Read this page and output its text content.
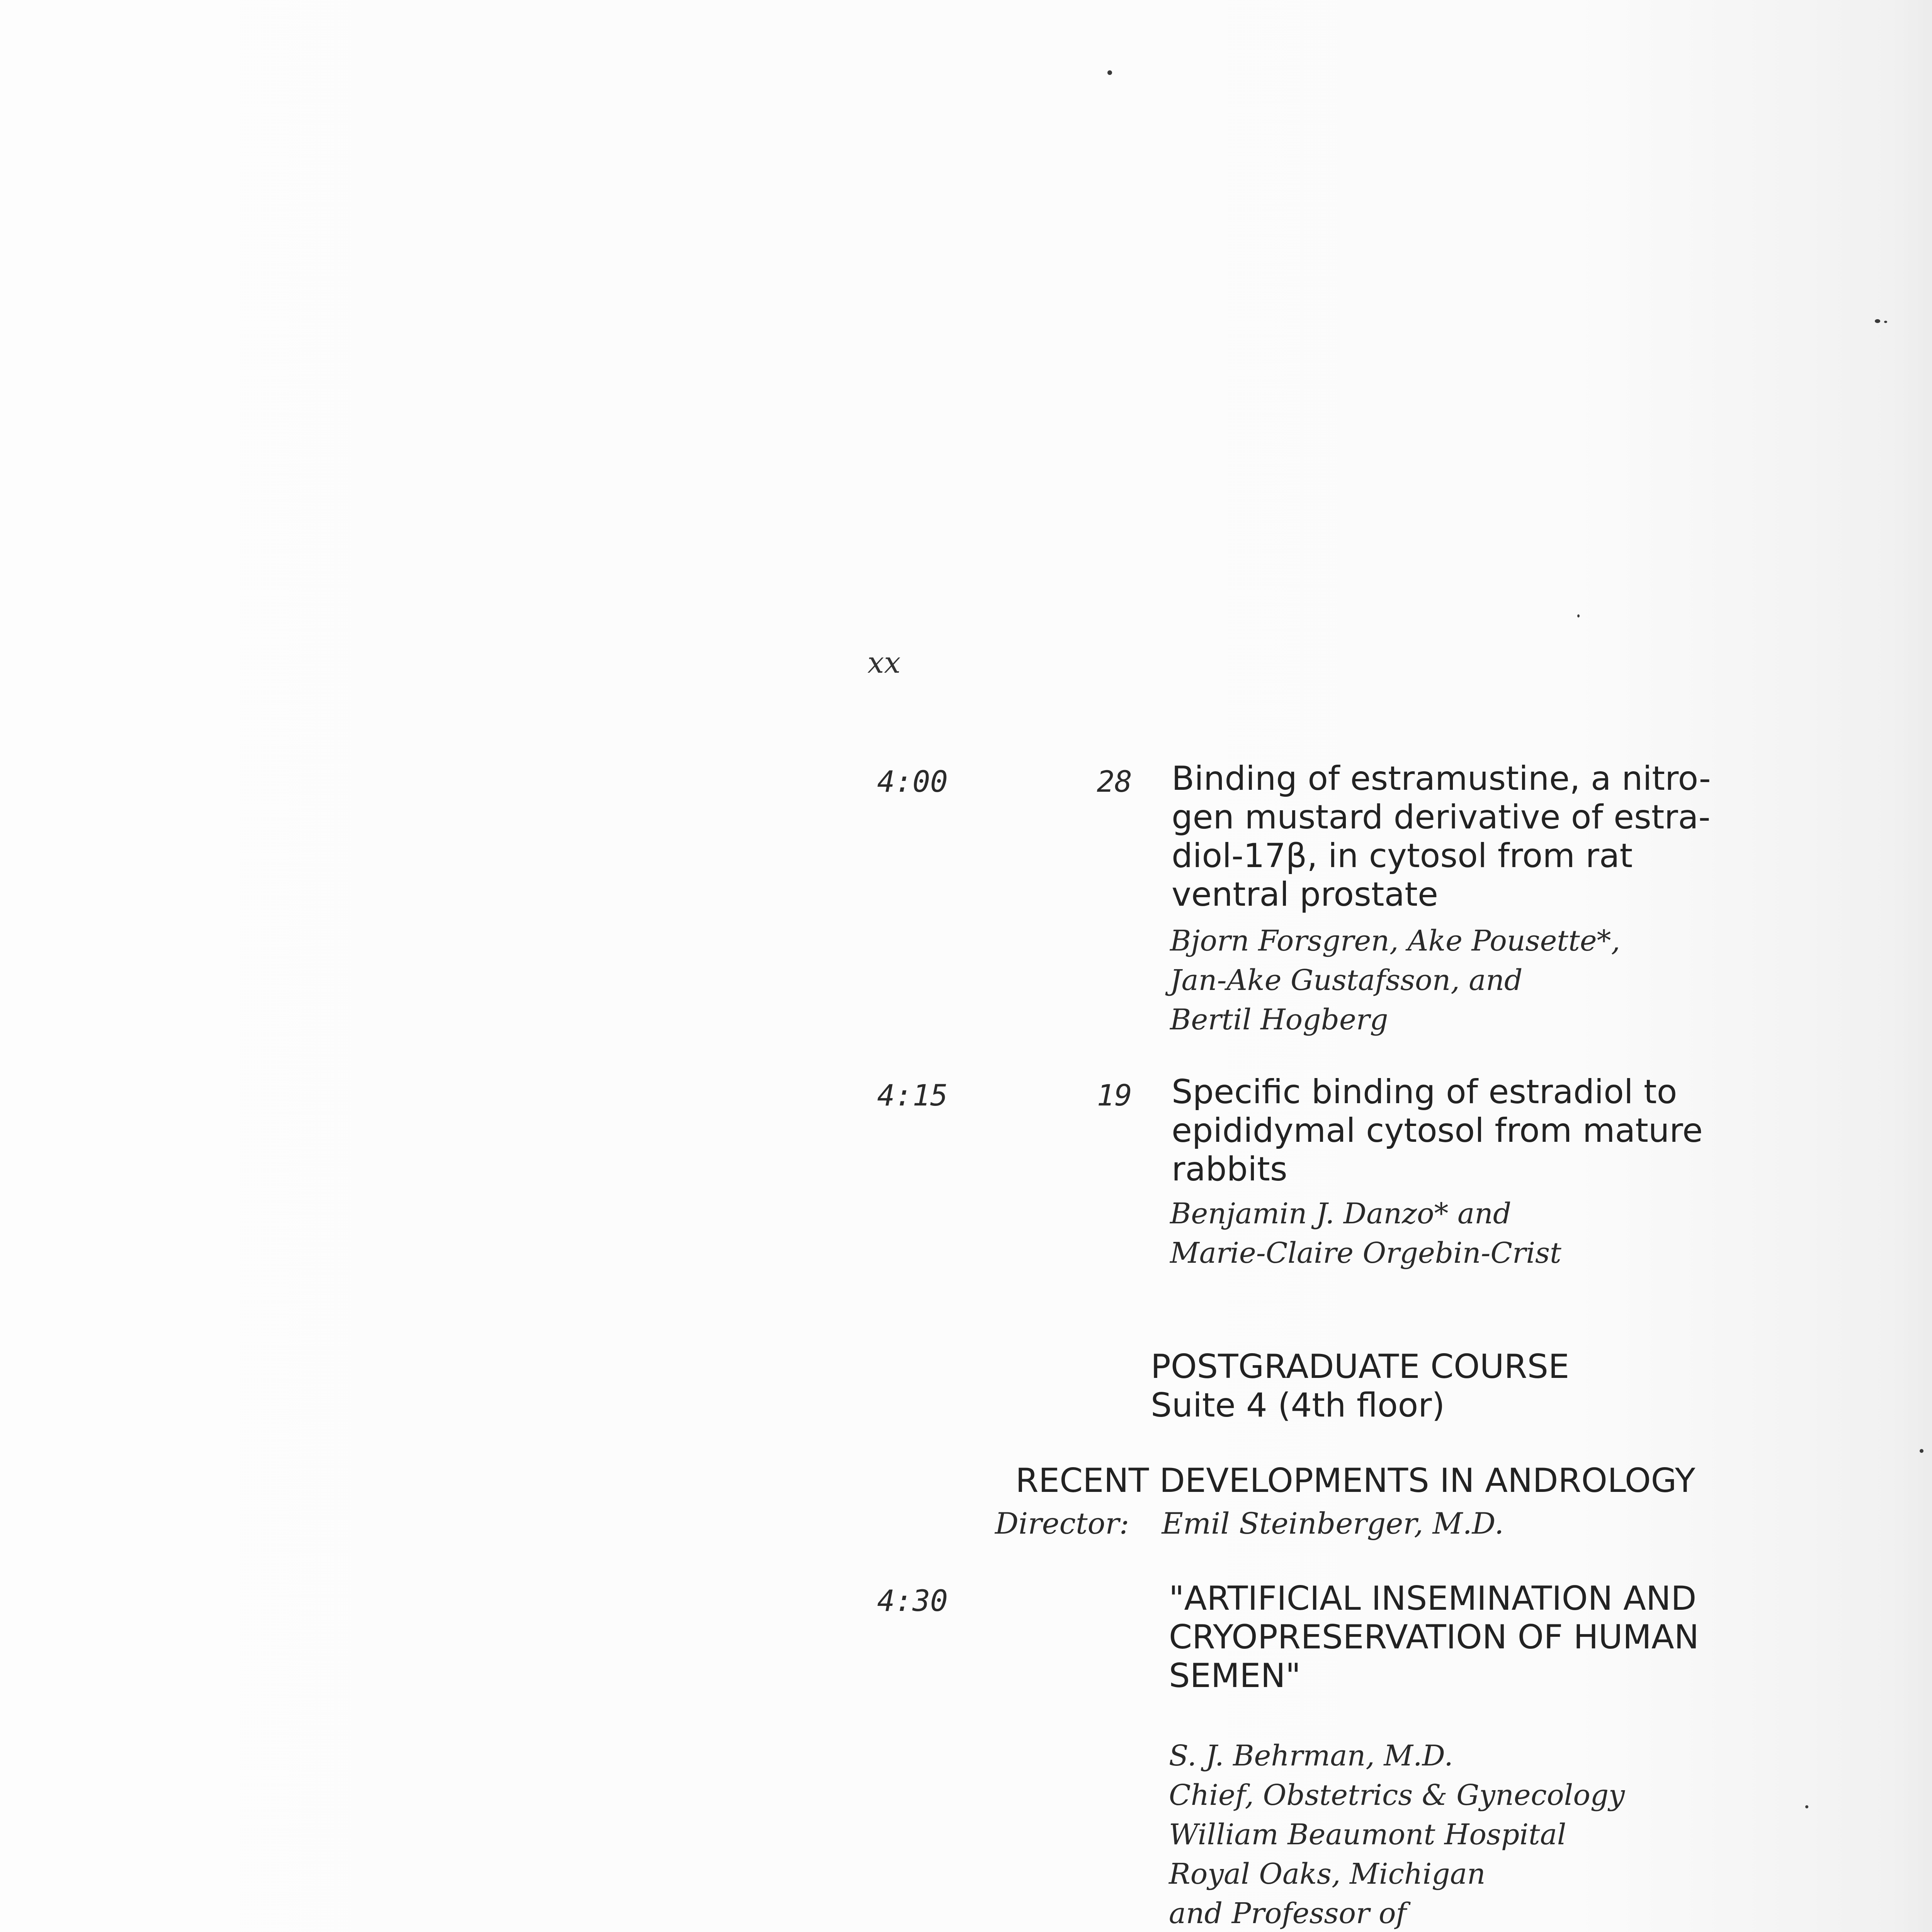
xx
4:00	28 Binding of estramustine, a nitro-
gen mustard derivative of estra-
diol-17β, in cytosol from rat
ventral prostate
Bjorn Forsgren, Ake Pousette*,
Jan-Ake Gustafsson, and
Bertil Hogberg
4:15	19 Specific binding of estradiol to
epididymal cytosol from mature
rabbits
Benjamin J. Danzo* and
Marie-Claire Orgebin-Crist
POSTGRADUATE COURSE
Suite 4 (4th floor)
RECENT DEVELOPMENTS IN ANDROLOGY
Director: Emil Steinberger, M.D.
4:30	"ARTIFICIAL INSEMINATION AND
CRYOPRESERVATION OF HUMAN
SEMEN"
S. J. Behrman, M.D.
Chief, Obstetrics & Gynecology
William Beaumont Hospital
Royal Oaks, Michigan
and Professor of
